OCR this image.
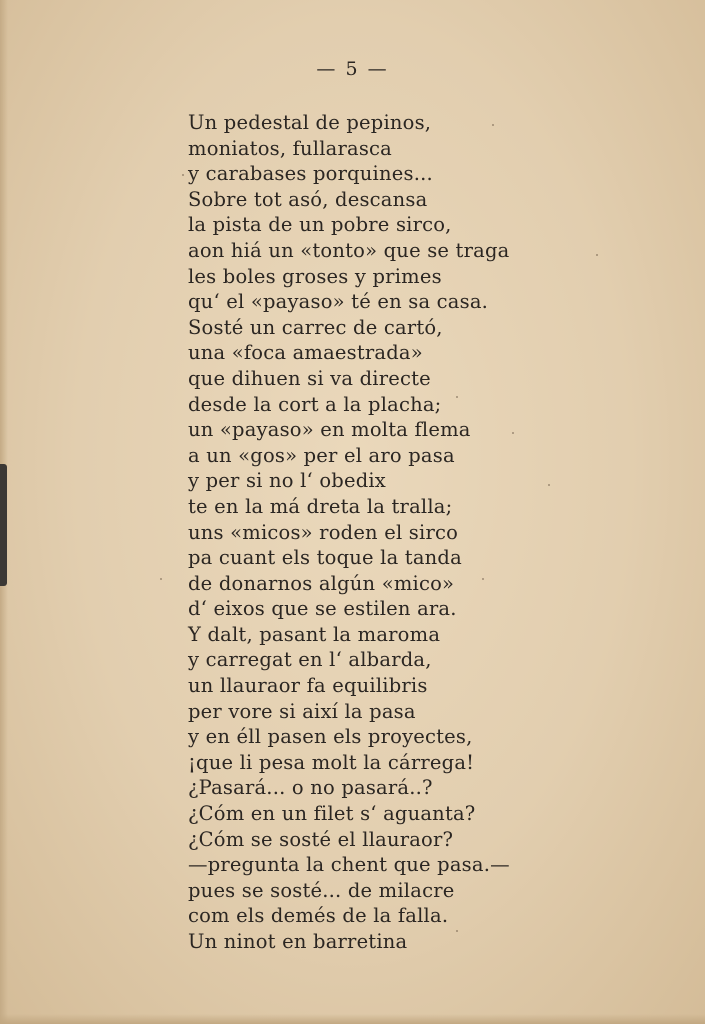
— 5 —
Un pedestal de pepinos,
moniatos, fullarasca
y carabases porquines...
Sobre tot asó, descansa
la pista de un pobre sirco,
aon hiá un «tonto» que se traga
les boles groses y primes
qu‘ el «payaso» té en sa casa.
Sosté un carrec de cartó,
una «foca amaestrada»
que dihuen si va directe
desde la cort a la placha;
un «payaso» en molta flema
a un «gos» per el aro pasa
y per si no l‘ obedix
te en la má dreta la tralla;
uns «micos» roden el sirco
pa cuant els toque la tanda
de donarnos algún «mico»
d‘ eixos que se estilen ara.
Y dalt, pasant la maroma
y carregat en l‘ albarda,
un llauraor fa equilibris
per vore si així la pasa
y en éll pasen els proyectes,
¡que li pesa molt la cárrega!
¿Pasará... o no pasará..?
¿Cóm en un filet s‘ aguanta?
¿Cóm se sosté el llauraor?
—pregunta la chent que pasa.—
pues se sosté... de milacre
com els demés de la falla.
Un ninot en barretina
